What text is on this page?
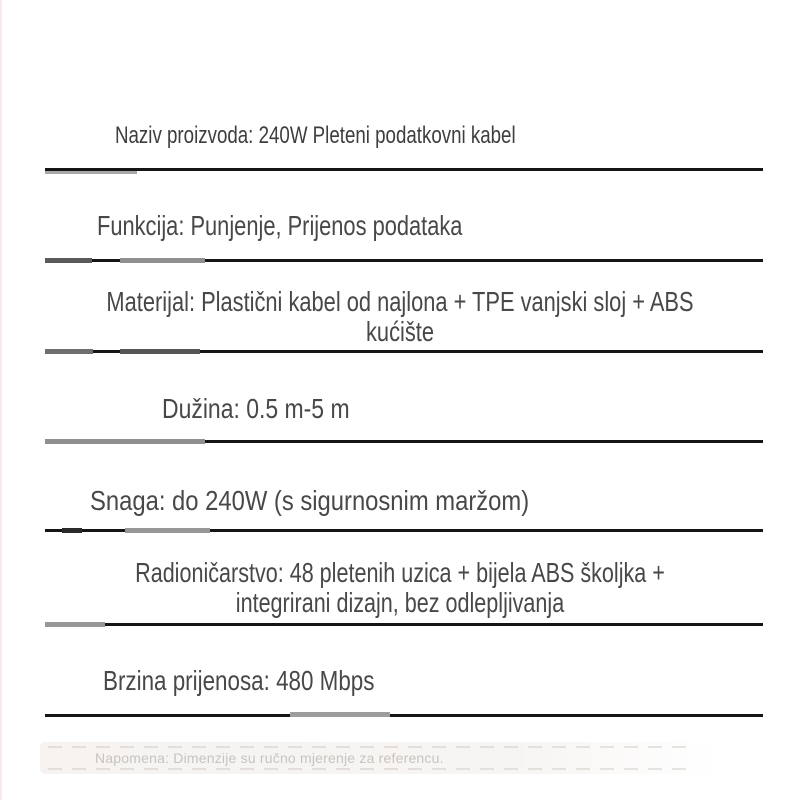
Naziv proizvoda: 240W Pleteni podatkovni kabel
Funkcija: Punjenje, Prijenos podataka
Materijal: Plastični kabel od najlona + TPE vanjski sloj + ABS
kućište
Dužina: 0.5 m-5 m
Snaga: do 240W (s sigurnosnim maržom)
Radioničarstvo: 48 pletenih uzica + bijela ABS školjka +
integrirani dizajn, bez odlepljivanja
Brzina prijenosa: 480 Mbps
Napomena: Dimenzije su ručno mjerenje za referencu.
